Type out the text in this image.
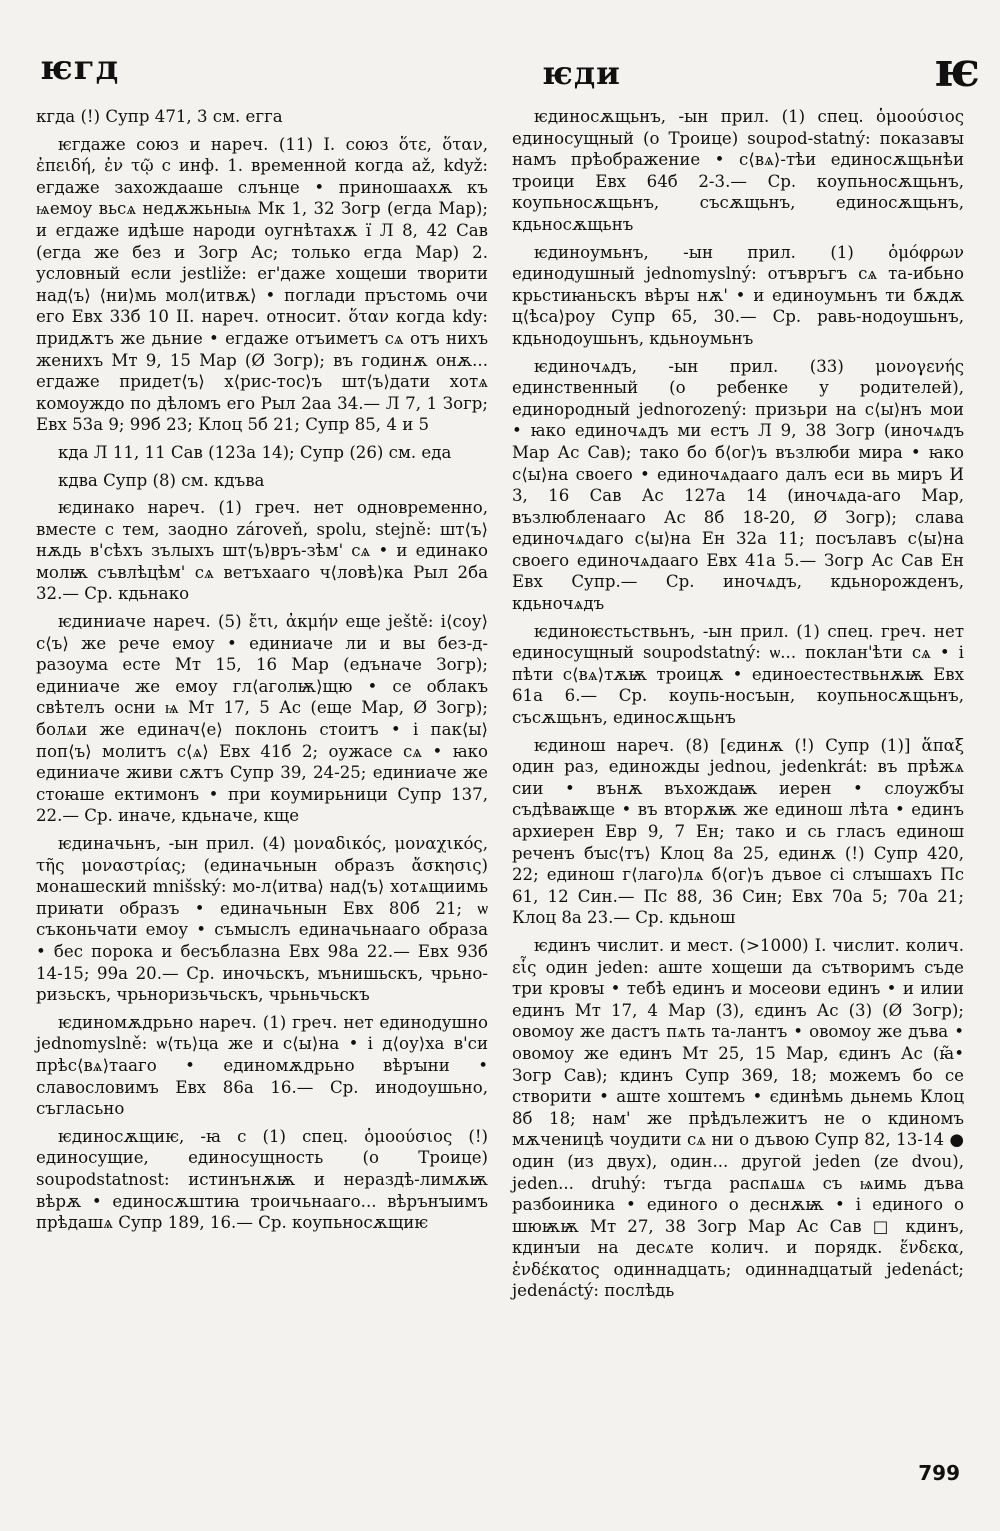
ѥгд	ѥди	ѥ

кгда (!) Супр 471, 3 см. егга

ѥгдаже союз и нареч. (11) I. союз ὅτε, ὅταν, ἐπειδή, ἐν τῷ с инф. 1. временной когда až, když: егдаже захождааше слънце • приношаахѫ къ ѩемоу вьсѧ недѫжьныѩ Мк 1, 32 Зогр (егда Мар); и егдаже идѣше народи оугнѣтахѫ ї Л 8, 42 Сав (егда же без и Зогр Ас; только егда Мар) 2. условный если jestliže: ег'даже хощеши творити над⟨ъ⟩ ⟨ни⟩мь мол⟨итвѫ⟩ • поглади пръстомь очи его Евх 33б 10 II. нареч. относит. ὅταν когда kdy: придѫтъ же дьние • егдаже отъиметъ сѧ отъ нихъ женихъ Мт 9, 15 Мар (Ø Зогр); въ годинѫ онѫ... егдаже придет⟨ъ⟩ х⟨рис-тос⟩ъ шт⟨ъ⟩дати хотѧ комоуждо по дѣломъ его Рыл 2аа 34.— Л 7, 1 Зогр; Евх 53а 9; 99б 23; Клоц 5б 21; Супр 85, 4 и 5

кда Л 11, 11 Сав (123а 14); Супр (26) см. еда

кдва Супр (8) см. кдъва

ѥдинако нареч. (1) греч. нет одновременно, вместе с тем, заодно zároveň, spolu, stejně: шт⟨ъ⟩нѫдь в'сѣхъ зълыхъ шт⟨ъ⟩връ-зѣм' сѧ • и единако молѭ съвлѣцѣм' сѧ ветъхааго ч⟨ловѣ⟩ка Рыл 2ба 32.— Ср. кдьнако

ѥдиниаче нареч. (5) ἔτι, ἀκμήν еще ještě: і⟨соу⟩с⟨ъ⟩ же рече емоу • единиаче ли и вы без-д-разоума есте Мт 15, 16 Мар (едъначе Зогр); единиаче же емоу гл⟨аголѭ⟩щю • се облакъ свѣтелъ осни ѩ Мт 17, 5 Ас (еще Мар, Ø Зогр); болѧи же единач⟨е⟩ поклонь стоитъ • і пак⟨ы⟩ поп⟨ъ⟩ молитъ с⟨ѧ⟩ Евх 41б 2; оужасе сѧ • ꙗко единиаче живи сѫтъ Супр 39, 24-25; единиаче же стоꙗше ектимонъ • при коумирьници Супр 137, 22.— Ср. иначе, кдьначе, кще

ѥдиначьнъ, -ын прил. (4) μοναδικός, μοναχικός, τῆς μοναστρίας; (единачьнын образъ ἄσκησις) монашеский mnišský: мо-л⟨итва⟩ над⟨ъ⟩ хотѧщиимь приꙗти образъ • единачьнын Евх 80б 21; ѡ съконьчати емоу • съмыслъ единачьнааго образа • бес порока и бесъблазна Евх 98а 22.— Евх 93б 14-15; 99а 20.— Ср. иночьскъ, мънишьскъ, чрьно-ризьскъ, чрьноризьчьскъ, чрьньчьскъ

ѥдиномѫдрьно нареч. (1) греч. нет единодушно jednomyslně: ѡ⟨ть⟩ца же и с⟨ы⟩на • і д⟨оу⟩ха в'си прѣс⟨вѧ⟩тааго • единомѫдрьно вѣрꙑни • славословимъ Евх 86а 16.— Ср. инодоушьно, съгласьно

ѥдиносѫщиѥ, -ꙗ с (1) спец. ὁμοούσιος (!) единосущие, единосущность (о Троице) soupodstatnost: истинънѫѭ и нераздѣ-лимѫѭ вѣрѫ • единосѫштиꙗ троичьнааго... вѣрънꙑимъ прѣдашѧ Супр 189, 16.— Ср. коупьносѫщиѥ

ѥдиносѫщьнъ, -ын прил. (1) спец. ὁμοούσιος единосущный (о Троице) soupod-statný: показавꙑ намъ прѣображение • с⟨вѧ⟩-тѣи единосѫщьнѣи троици Евх 64б 2-3.— Ср. коупьносѫщьнъ, коупьносѫщьнъ, съсѫщьнъ, единосѫщьнъ, кдьносѫщьнъ

ѥдиноумьнъ, -ын прил. (1) ὁμόφρων единодушный jednomyslný: отъвръгъ сѧ та-ибьно крьстиꙗньскъ вѣрꙑ нѫ' • и единоумьнъ ти бѫдѫ ц⟨ѣса⟩роу Супр 65, 30.— Ср. равь-нодоушьнъ, кдьнодоушьнъ, кдьноумьнъ

ѥдиночѧдъ, -ын прил. (33) μονογενής единственный (о ребенке у родителей), единородный jednorozený: призьри на с⟨ы⟩нъ мои • ꙗко единочѧдъ ми естъ Л 9, 38 Зогр (иночѧдъ Мар Ас Сав); тако бо б⟨ог⟩ъ възлюби мира • ꙗко с⟨ы⟩на своего • единочѧдааго далъ еси вь миръ И 3, 16 Сав Ас 127а 14 (иночѧда-аго Мар, възлюбленааго Ас 8б 18-20, Ø Зогр); слава единочѧдаго с⟨ы⟩на Ен 32а 11; посълавъ с⟨ы⟩на своего единочѧдааго Евх 41а 5.— Зогр Ас Сав Ен Евх Супр.— Ср. иночѧдъ, кдьнорожденъ, кдьночѧдъ

ѥдиноѥстьствьнъ, -ын прил. (1) спец. греч. нет единосущный soupodstatný: ѡ... поклан'ѣти сѧ • і пѣти с⟨вѧ⟩тѫѭ троицѫ • единоестествьнѫѭ Евх 61а 6.— Ср. коупь-носъын, коупьносѫщьнъ, съсѫщьнъ, единосѫщьнъ

ѥдинош нареч. (8) [єдинѫ (!) Супр (1)] ἅπαξ один раз, единожды jednou, jedenkrát: въ прѣжѧ сии • вънѫ въхождаѭ иерен • слоужбꙑ съдѣваѭще • въ вторѫѭ же единош лѣта • единъ архиерен Евр 9, 7 Ен; тако и сь гласъ единош реченъ бꙑс⟨тъ⟩ Клоц 8а 25, единѫ (!) Супр 420, 22; единош г⟨лаго⟩лѧ б⟨ог⟩ъ дъвое сі слꙑшахъ Пс 61, 12 Син.— Пс 88, 36 Син; Евх 70а 5; 70а 21; Клоц 8а 23.— Ср. кдьнош

ѥдинъ числит. и мест. (>1000) I. числит. колич. εἷς один jeden: аште хощеши да сътворимъ съде три кровꙑ • тебѣ единъ и мосеови единъ • и илии единъ Мт 17, 4 Мар (3), єдинъ Ас (3) (Ø Зогр); овомоу же дастъ пѧть та-лантъ • овомоу же дъва • овомоу же единъ Мт 25, 15 Мар, єдинъ Ас (ꙗ̃• Зогр Сав); кдинъ Супр 369, 18; можемъ бо се створити • аште хоштемъ • єдинѣмь дьнемь Клоц 8б 18; нам' же прѣдълежитъ не о кдиномъ мѫченицѣ чоудити сѧ ни о дъвою Супр 82, 13-14 ● один (из двух), один... другой jeden (ze dvou), jeden... druhý: тъгда распѧшѧ съ ѩимь дъва разбоиника • единого о деснѫѭ • і единого о шюѭѭ Мт 27, 38 Зогр Мар Ас Сав □ кдинъ, кдинꙑи на десѧте колич. и порядк. ἕνδεκα, ἑνδέκατος одиннадцать; одиннадцатый jedenáct; jedenáctý: послѣдь

799
